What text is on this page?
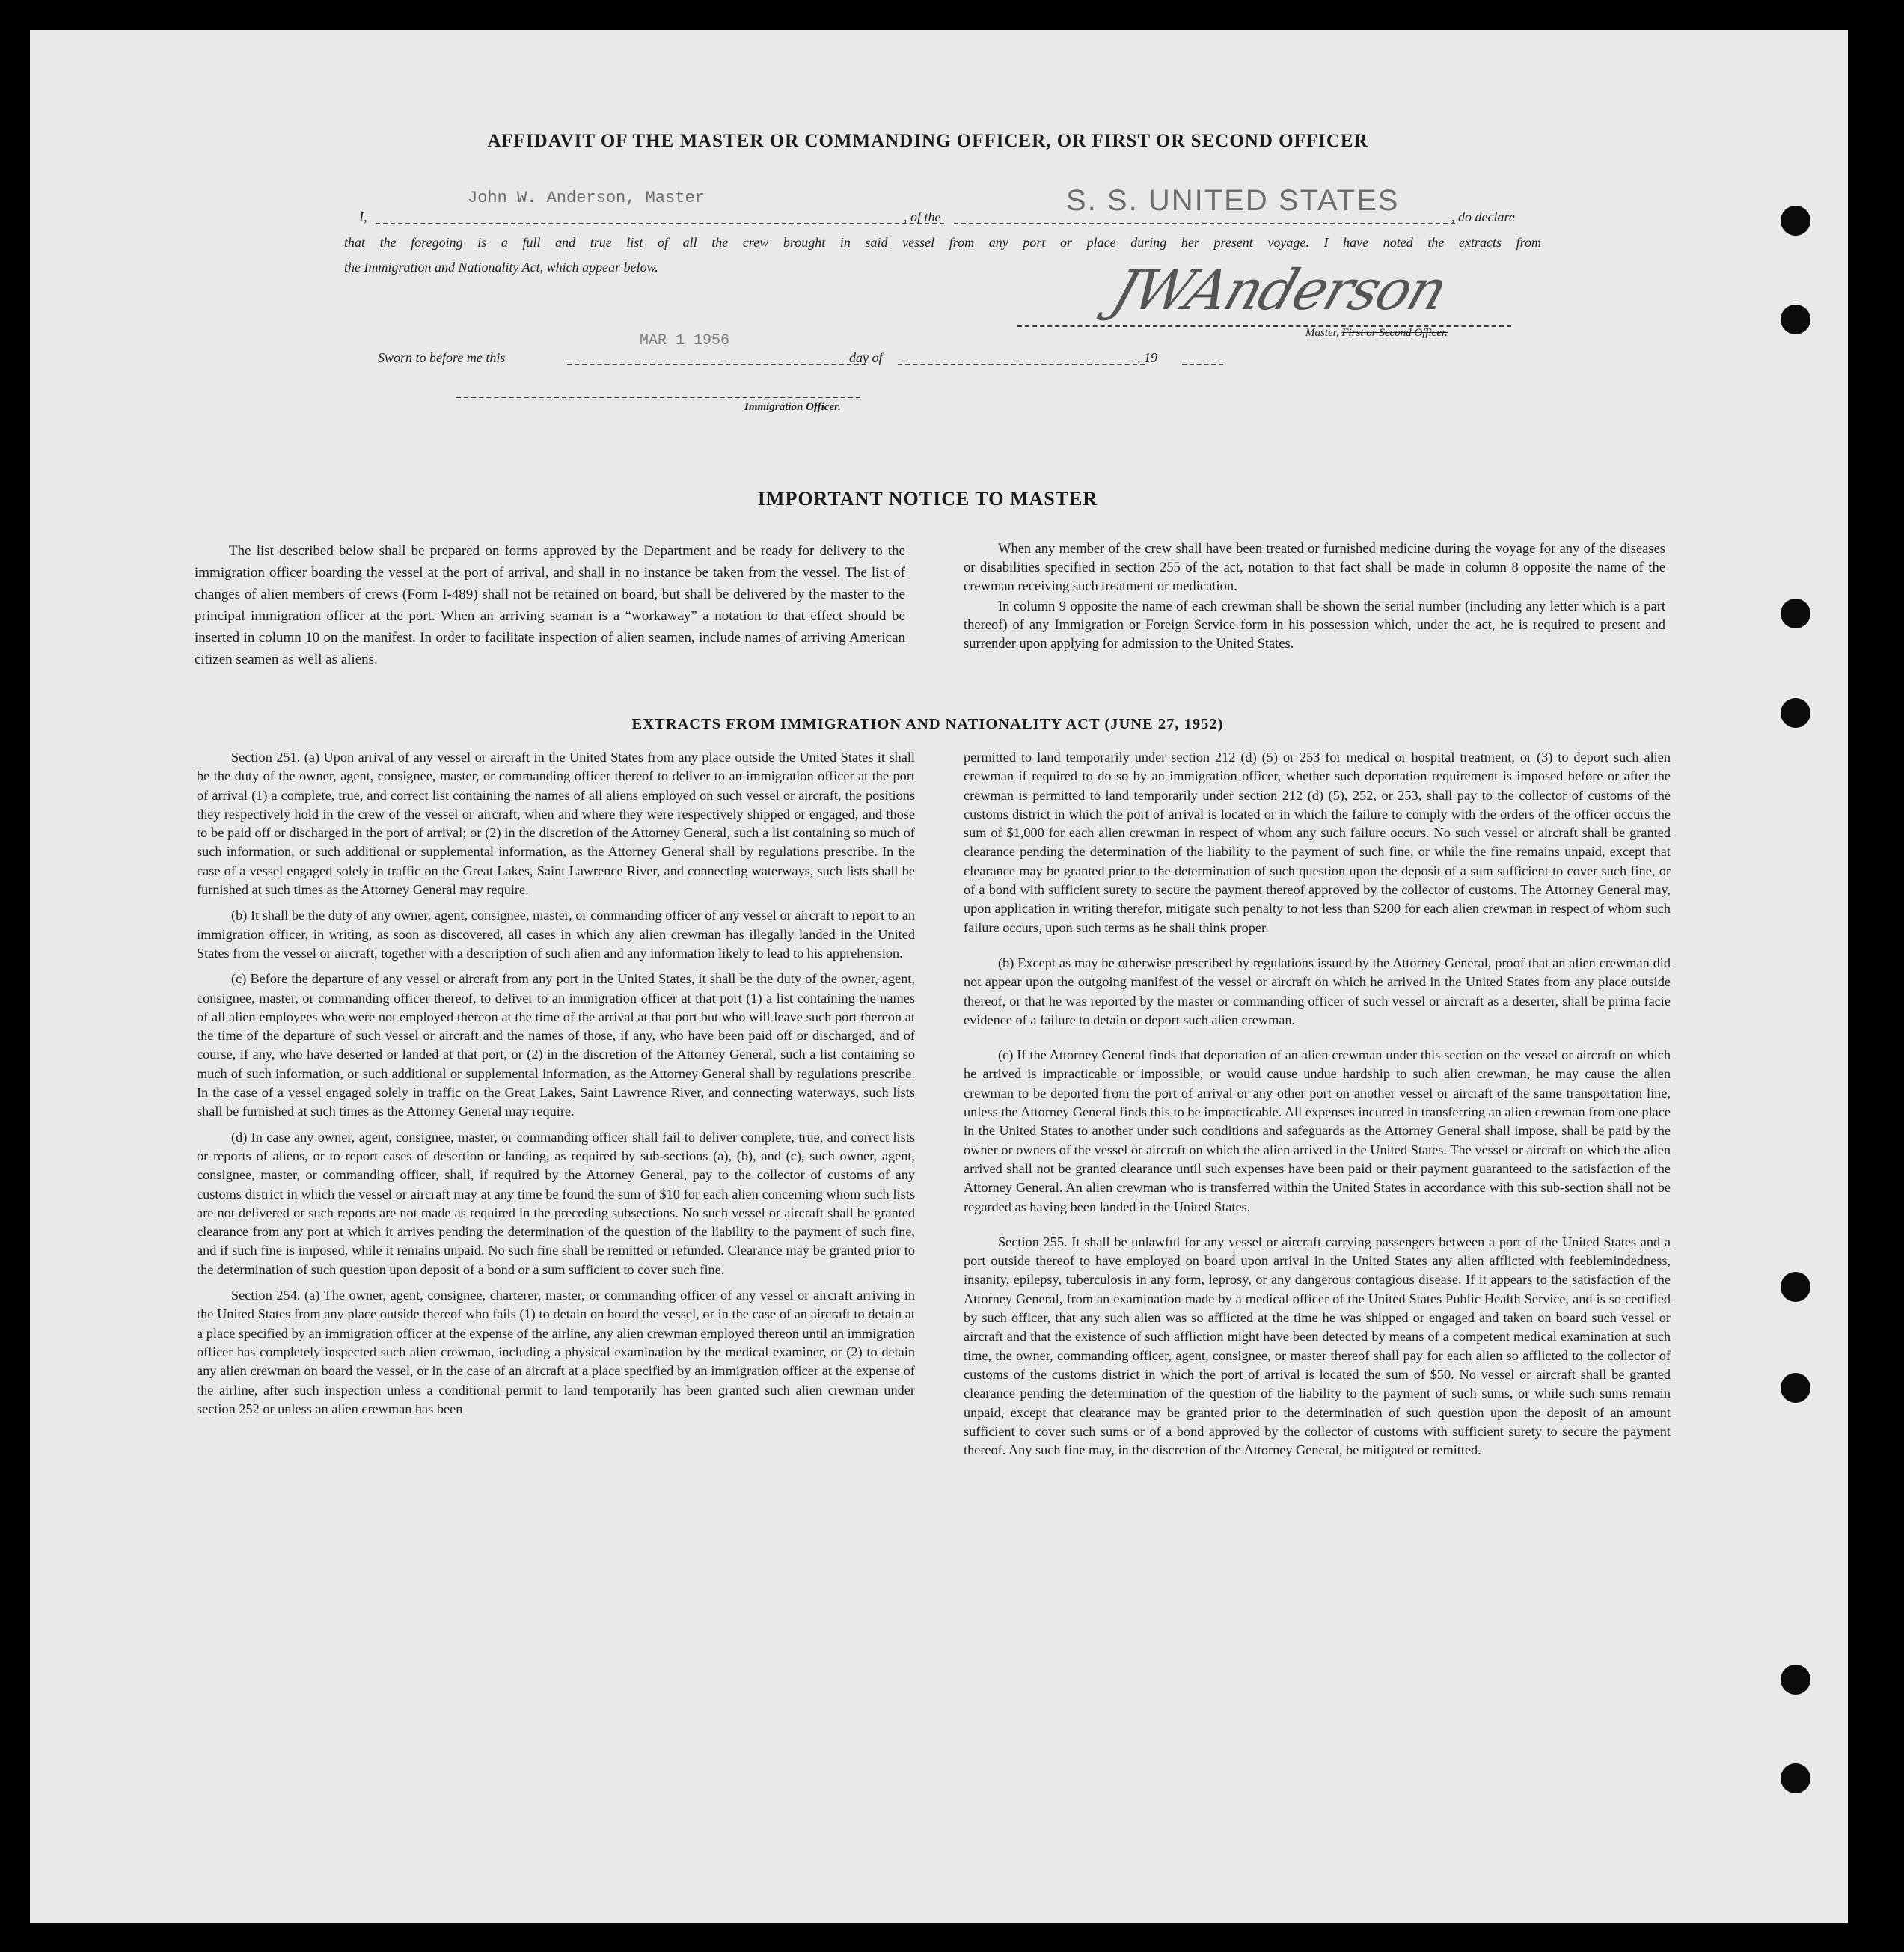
AFFIDAVIT OF THE MASTER OR COMMANDING OFFICER, OR FIRST OR SECOND OFFICER
I,
John W. Anderson, Master
, of the	S. S. UNITED STATES	, do declare
that the foregoing is a full and true list of all the crew brought in said vessel from any port or place during her present voyage. I have noted the extracts from
the Immigration and Nationality Act, which appear below.	JWAnderson
Master, First or Second Officer.
Sworn to before me this
MAR 1 1956
day of	, 19
Immigration Officer.
IMPORTANT NOTICE TO MASTER

The list described below shall be prepared on forms approved by the Department and be ready for delivery to the immigration officer boarding the vessel at the port of arrival, and shall in no instance be taken from the vessel. The list of changes of alien members of crews (Form I-489) shall not be retained on board, but shall be delivered by the master to the principal immigration officer at the port. When an arriving seaman is a “workaway” a notation to that effect should be inserted in column 10 on the manifest. In order to facilitate inspection of alien seamen, include names of arriving American citizen seamen as well as aliens.

When any member of the crew shall have been treated or furnished medicine during the voyage for any of the diseases or disabilities specified in section 255 of the act, notation to that fact shall be made in column 8 opposite the name of the crewman receiving such treatment or medication.

In column 9 opposite the name of each crewman shall be shown the serial number (including any letter which is a part thereof) of any Immigration or Foreign Service form in his possession which, under the act, he is required to present and surrender upon applying for admission to the United States.

EXTRACTS FROM IMMIGRATION AND NATIONALITY ACT (JUNE 27, 1952)

Section 251. (a) Upon arrival of any vessel or aircraft in the United States from any place outside the United States it shall be the duty of the owner, agent, consignee, master, or commanding officer thereof to deliver to an immigration officer at the port of arrival (1) a complete, true, and correct list containing the names of all aliens employed on such vessel or aircraft, the positions they respectively hold in the crew of the vessel or aircraft, when and where they were respectively shipped or engaged, and those to be paid off or discharged in the port of arrival; or (2) in the discretion of the Attorney General, such a list containing so much of such information, or such additional or supplemental information, as the Attorney General shall by regulations prescribe. In the case of a vessel engaged solely in traffic on the Great Lakes, Saint Lawrence River, and connecting waterways, such lists shall be furnished at such times as the Attorney General may require.

(b) It shall be the duty of any owner, agent, consignee, master, or commanding officer of any vessel or aircraft to report to an immigration officer, in writing, as soon as discovered, all cases in which any alien crewman has illegally landed in the United States from the vessel or aircraft, together with a description of such alien and any information likely to lead to his apprehension.

(c) Before the departure of any vessel or aircraft from any port in the United States, it shall be the duty of the owner, agent, consignee, master, or commanding officer thereof, to deliver to an immigration officer at that port (1) a list containing the names of all alien employees who were not employed thereon at the time of the arrival at that port but who will leave such port thereon at the time of the departure of such vessel or aircraft and the names of those, if any, who have been paid off or discharged, and of course, if any, who have deserted or landed at that port, or (2) in the discretion of the Attorney General, such a list containing so much of such information, or such additional or supplemental information, as the Attorney General shall by regulations prescribe. In the case of a vessel engaged solely in traffic on the Great Lakes, Saint Lawrence River, and connecting waterways, such lists shall be furnished at such times as the Attorney General may require.

(d) In case any owner, agent, consignee, master, or commanding officer shall fail to deliver complete, true, and correct lists or reports of aliens, or to report cases of desertion or landing, as required by sub-sections (a), (b), and (c), such owner, agent, consignee, master, or commanding officer, shall, if required by the Attorney General, pay to the collector of customs of any customs district in which the vessel or aircraft may at any time be found the sum of $10 for each alien concerning whom such lists are not delivered or such reports are not made as required in the preceding subsections. No such vessel or aircraft shall be granted clearance from any port at which it arrives pending the determination of the question of the liability to the payment of such fine, and if such fine is imposed, while it remains unpaid. No such fine shall be remitted or refunded. Clearance may be granted prior to the determination of such question upon deposit of a bond or a sum sufficient to cover such fine.

Section 254. (a) The owner, agent, consignee, charterer, master, or commanding officer of any vessel or aircraft arriving in the United States from any place outside thereof who fails (1) to detain on board the vessel, or in the case of an aircraft to detain at a place specified by an immigration officer at the expense of the airline, any alien crewman employed thereon until an immigration officer has completely inspected such alien crewman, including a physical examination by the medical examiner, or (2) to detain any alien crewman on board the vessel, or in the case of an aircraft at a place specified by an immigration officer at the expense of the airline, after such inspection unless a conditional permit to land temporarily has been granted such alien crewman under section 252 or unless an alien crewman has been

permitted to land temporarily under section 212 (d) (5) or 253 for medical or hospital treatment, or (3) to deport such alien crewman if required to do so by an immigration officer, whether such deportation requirement is imposed before or after the crewman is permitted to land temporarily under section 212 (d) (5), 252, or 253, shall pay to the collector of customs of the customs district in which the port of arrival is located or in which the failure to comply with the orders of the officer occurs the sum of $1,000 for each alien crewman in respect of whom any such failure occurs. No such vessel or aircraft shall be granted clearance pending the determination of the liability to the payment of such fine, or while the fine remains unpaid, except that clearance may be granted prior to the determination of such question upon the deposit of a sum sufficient to cover such fine, or of a bond with sufficient surety to secure the payment thereof approved by the collector of customs. The Attorney General may, upon application in writing therefor, mitigate such penalty to not less than $200 for each alien crewman in respect of whom such failure occurs, upon such terms as he shall think proper.

(b) Except as may be otherwise prescribed by regulations issued by the Attorney General, proof that an alien crewman did not appear upon the outgoing manifest of the vessel or aircraft on which he arrived in the United States from any place outside thereof, or that he was reported by the master or commanding officer of such vessel or aircraft as a deserter, shall be prima facie evidence of a failure to detain or deport such alien crewman.

(c) If the Attorney General finds that deportation of an alien crewman under this section on the vessel or aircraft on which he arrived is impracticable or impossible, or would cause undue hardship to such alien crewman, he may cause the alien crewman to be deported from the port of arrival or any other port on another vessel or aircraft of the same transportation line, unless the Attorney General finds this to be impracticable. All expenses incurred in transferring an alien crewman from one place in the United States to another under such conditions and safeguards as the Attorney General shall impose, shall be paid by the owner or owners of the vessel or aircraft on which the alien arrived in the United States. The vessel or aircraft on which the alien arrived shall not be granted clearance until such expenses have been paid or their payment guaranteed to the satisfaction of the Attorney General. An alien crewman who is transferred within the United States in accordance with this sub-section shall not be regarded as having been landed in the United States.

Section 255. It shall be unlawful for any vessel or aircraft carrying passengers between a port of the United States and a port outside thereof to have employed on board upon arrival in the United States any alien afflicted with feeblemindedness, insanity, epilepsy, tuberculosis in any form, leprosy, or any dangerous contagious disease. If it appears to the satisfaction of the Attorney General, from an examination made by a medical officer of the United States Public Health Service, and is so certified by such officer, that any such alien was so afflicted at the time he was shipped or engaged and taken on board such vessel or aircraft and that the existence of such affliction might have been detected by means of a competent medical examination at such time, the owner, commanding officer, agent, consignee, or master thereof shall pay for each alien so afflicted to the collector of customs of the customs district in which the port of arrival is located the sum of $50. No vessel or aircraft shall be granted clearance pending the determination of the question of the liability to the payment of such sums, or while such sums remain unpaid, except that clearance may be granted prior to the determination of such question upon the deposit of an amount sufficient to cover such sums or of a bond approved by the collector of customs with sufficient surety to secure the payment thereof. Any such fine may, in the discretion of the Attorney General, be mitigated or remitted.
